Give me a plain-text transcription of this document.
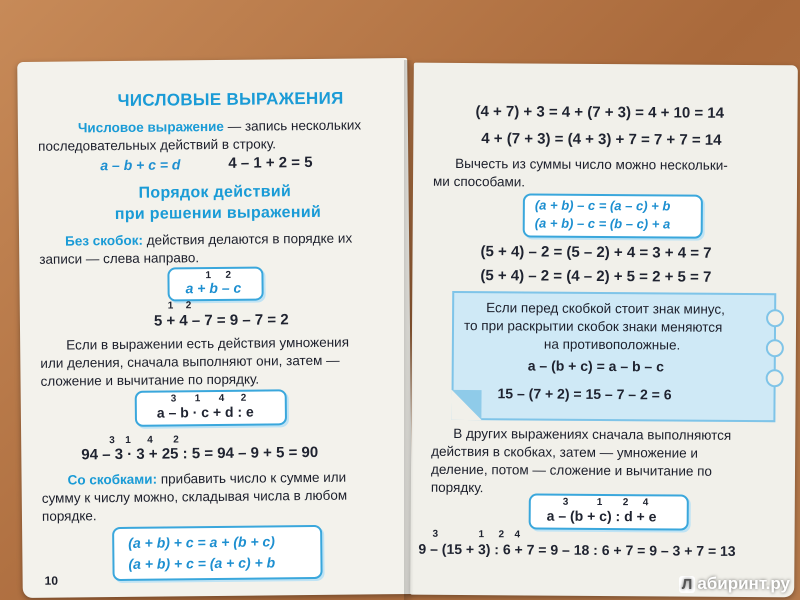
ЧИСЛОВЫЕ ВЫРАЖЕНИЯ
Числовое выражение — запись нескольких
последовательных действий в строку.
a – b + c = d	4 – 1 + 2 = 5
Порядок действий
при решении выражений
Без скобок: действия делаются в порядке их
записи — слева направо.
1 2
a + b – c
1 2
5 + 4 – 7 = 9 – 7 = 2
Если в выражении есть действия умножения
или деления, сначала выполняют они, затем —
сложение и вычитание по порядку.
3 1 4 2
a – b · c + d : e
3 1 4 2
94 – 3 · 3 + 25 : 5 = 94 – 9 + 5 = 90
Со скобками: прибавить число к сумме или
сумму к числу можно, складывая числа в любом
порядке.
(a + b) + c = a + (b + c)
(a + b) + c = (a + c) + b
10
(4 + 7) + 3 = 4 + (7 + 3) = 4 + 10 = 14
4 + (7 + 3) = (4 + 3) + 7 = 7 + 7 = 14
Вычесть из суммы число можно нескольки-
ми способами.
(a + b) – c = (a – c) + b
(a + b) – c = (b – c) + a
(5 + 4) – 2 = (5 – 2) + 4 = 3 + 4 = 7
(5 + 4) – 2 = (4 – 2) + 5 = 2 + 5 = 7
Если перед скобкой стоит знак минус,
то при раскрытии скобок знаки меняются
на противоположные.
a – (b + c) = a – b – c
15 – (7 + 2) = 15 – 7 – 2 = 6
В других выражениях сначала выполняются
действия в скобках, затем — умножение и
деление, потом — сложение и вычитание по
порядку.
3	1 2 4
a – (b + c) : d + e
3	1 2 4
9 – (15 + 3) : 6 + 7 = 9 – 18 : 6 + 7 = 9 – 3 + 7 = 13
Л абиринт.ру
